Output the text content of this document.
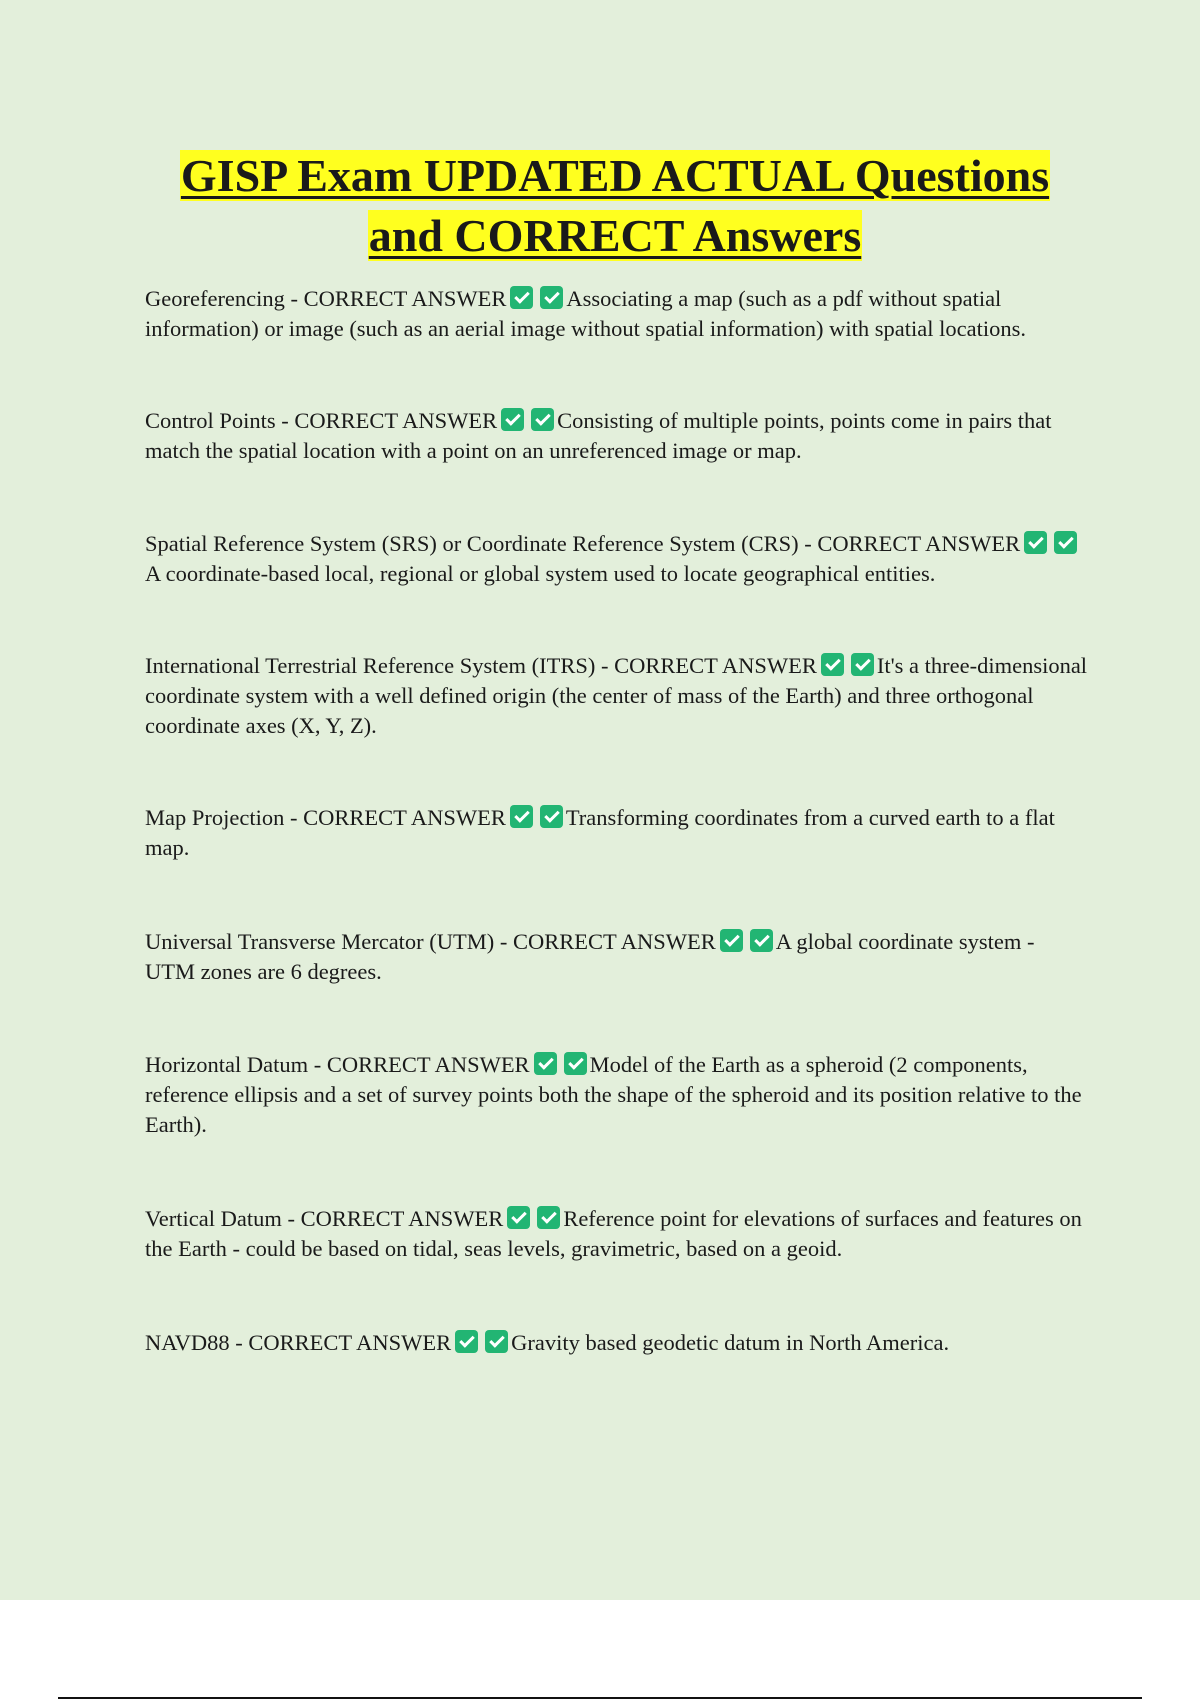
GISP Exam UPDATED ACTUAL Questions
and CORRECT Answers

Georeferencing - CORRECT ANSWER	Associating a map (such as a pdf without spatial information) or image (such as an aerial image without spatial information) with spatial locations.

Control Points - CORRECT ANSWER	Consisting of multiple points, points come in pairs that match the spatial location with a point on an unreferenced image or map.

Spatial Reference System (SRS) or Coordinate Reference System (CRS) - CORRECT ANSWERA coordinate-based local, regional or global system used to locate geographical entities.

International Terrestrial Reference System (ITRS) - CORRECT ANSWER	It's a three-dimensional coordinate system with a well defined origin (the center of mass of the Earth) and three orthogonal coordinate axes (X, Y, Z).

Map Projection - CORRECT ANSWER	Transforming coordinates from a curved earth to a flat map.

Universal Transverse Mercator (UTM) - CORRECT ANSWER	A global coordinate system - UTM zones are 6 degrees.

Horizontal Datum - CORRECT ANSWER	Model of the Earth as a spheroid (2 components, reference ellipsis and a set of survey points both the shape of the spheroid and its position relative to the Earth).

Vertical Datum - CORRECT ANSWER	Reference point for elevations of surfaces and features on the Earth - could be based on tidal, seas levels, gravimetric, based on a geoid.

NAVD88 - CORRECT ANSWER	Gravity based geodetic datum in North America.
